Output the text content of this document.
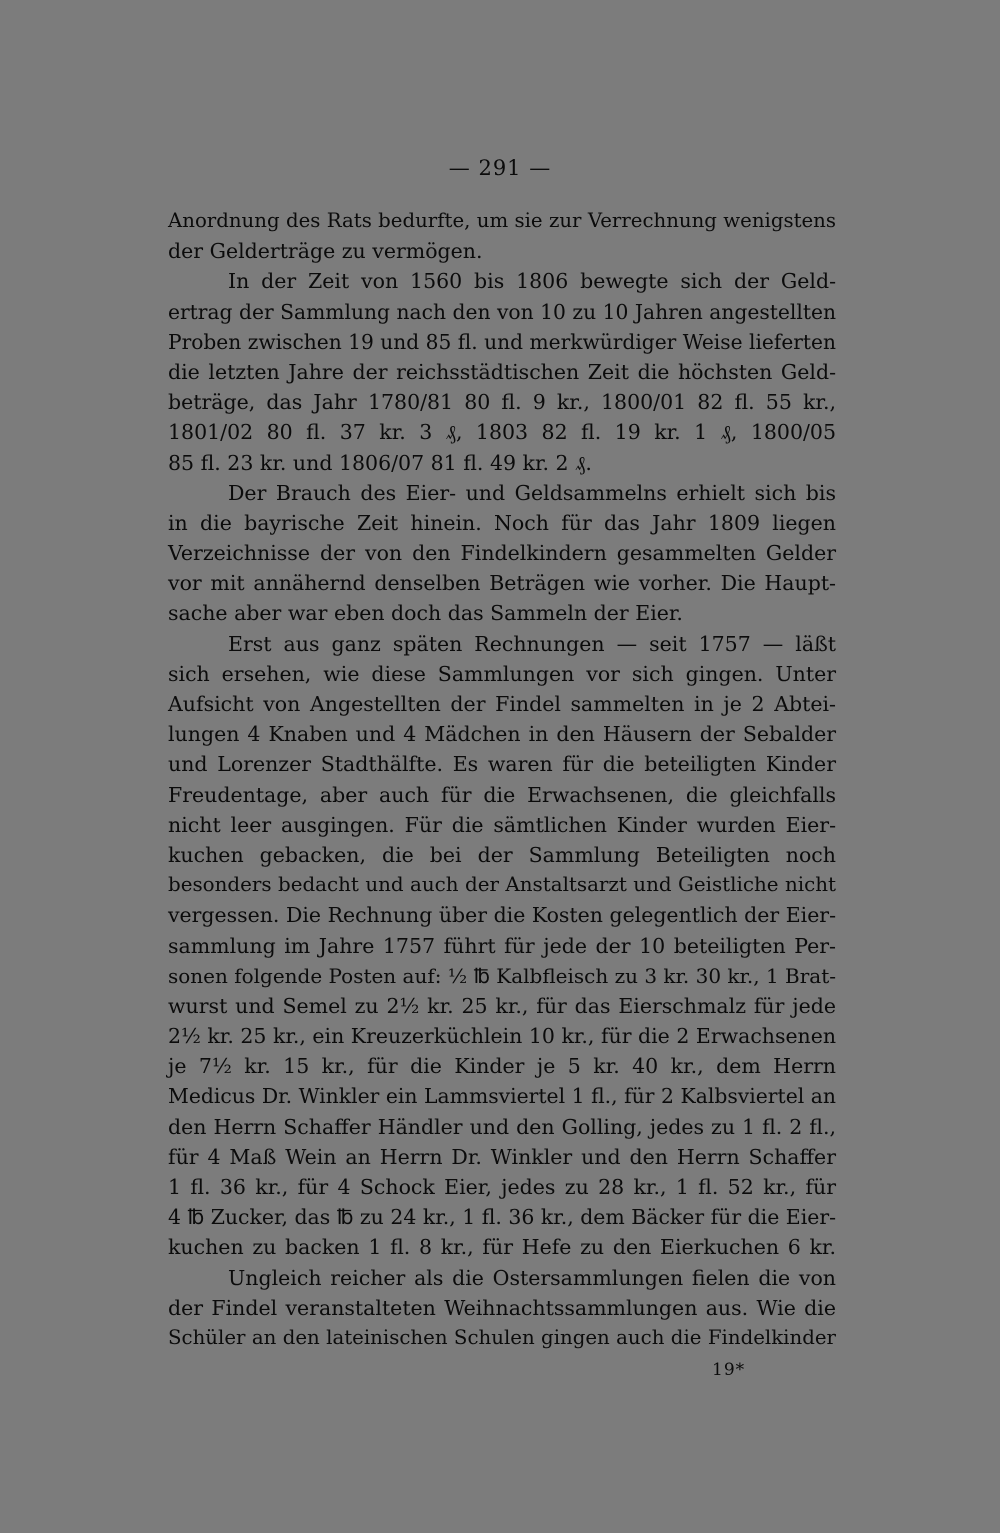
— 291 —
Anordnung des Rats bedurfte, um sie zur Verrechnung wenigstens
der Gelderträge zu vermögen.
In der Zeit von 1560 bis 1806 bewegte sich der Geld-
ertrag der Sammlung nach den von 10 zu 10 Jahren angestellten
Proben zwischen 19 und 85 fl. und merkwürdiger Weise lieferten
die letzten Jahre der reichsstädtischen Zeit die höchsten Geld-
beträge, das Jahr 1780/81 80 fl. 9 kr., 1800/01 82 fl. 55 kr.,
1801/02 80 fl. 37 kr. 3 ₰, 1803 82 fl. 19 kr. 1 ₰, 1800/05
85 fl. 23 kr. und 1806/07 81 fl. 49 kr. 2 ₰.
Der Brauch des Eier- und Geldsammelns erhielt sich bis
in die bayrische Zeit hinein. Noch für das Jahr 1809 liegen
Verzeichnisse der von den Findelkindern gesammelten Gelder
vor mit annähernd denselben Beträgen wie vorher. Die Haupt-
sache aber war eben doch das Sammeln der Eier.
Erst aus ganz späten Rechnungen — seit 1757 — läßt
sich ersehen, wie diese Sammlungen vor sich gingen. Unter
Aufsicht von Angestellten der Findel sammelten in je 2 Abtei-
lungen 4 Knaben und 4 Mädchen in den Häusern der Sebalder
und Lorenzer Stadthälfte. Es waren für die beteiligten Kinder
Freudentage, aber auch für die Erwachsenen, die gleichfalls
nicht leer ausgingen. Für die sämtlichen Kinder wurden Eier-
kuchen gebacken, die bei der Sammlung Beteiligten noch
besonders bedacht und auch der Anstaltsarzt und Geistliche nicht
vergessen. Die Rechnung über die Kosten gelegentlich der Eier-
sammlung im Jahre 1757 führt für jede der 10 beteiligten Per-
sonen folgende Posten auf: ½ ℔ Kalbfleisch zu 3 kr. 30 kr., 1 Brat-
wurst und Semel zu 2½ kr. 25 kr., für das Eierschmalz für jede
2½ kr. 25 kr., ein Kreuzerküchlein 10 kr., für die 2 Erwachsenen
je 7½ kr. 15 kr., für die Kinder je 5 kr. 40 kr., dem Herrn
Medicus Dr. Winkler ein Lammsviertel 1 fl., für 2 Kalbsviertel an
den Herrn Schaffer Händler und den Golling, jedes zu 1 fl. 2 fl.,
für 4 Maß Wein an Herrn Dr. Winkler und den Herrn Schaffer
1 fl. 36 kr., für 4 Schock Eier, jedes zu 28 kr., 1 fl. 52 kr., für
4 ℔ Zucker, das ℔ zu 24 kr., 1 fl. 36 kr., dem Bäcker für die Eier-
kuchen zu backen 1 fl. 8 kr., für Hefe zu den Eierkuchen 6 kr.
Ungleich reicher als die Ostersammlungen fielen die von
der Findel veranstalteten Weihnachtssammlungen aus. Wie die
Schüler an den lateinischen Schulen gingen auch die Findelkinder
19*
